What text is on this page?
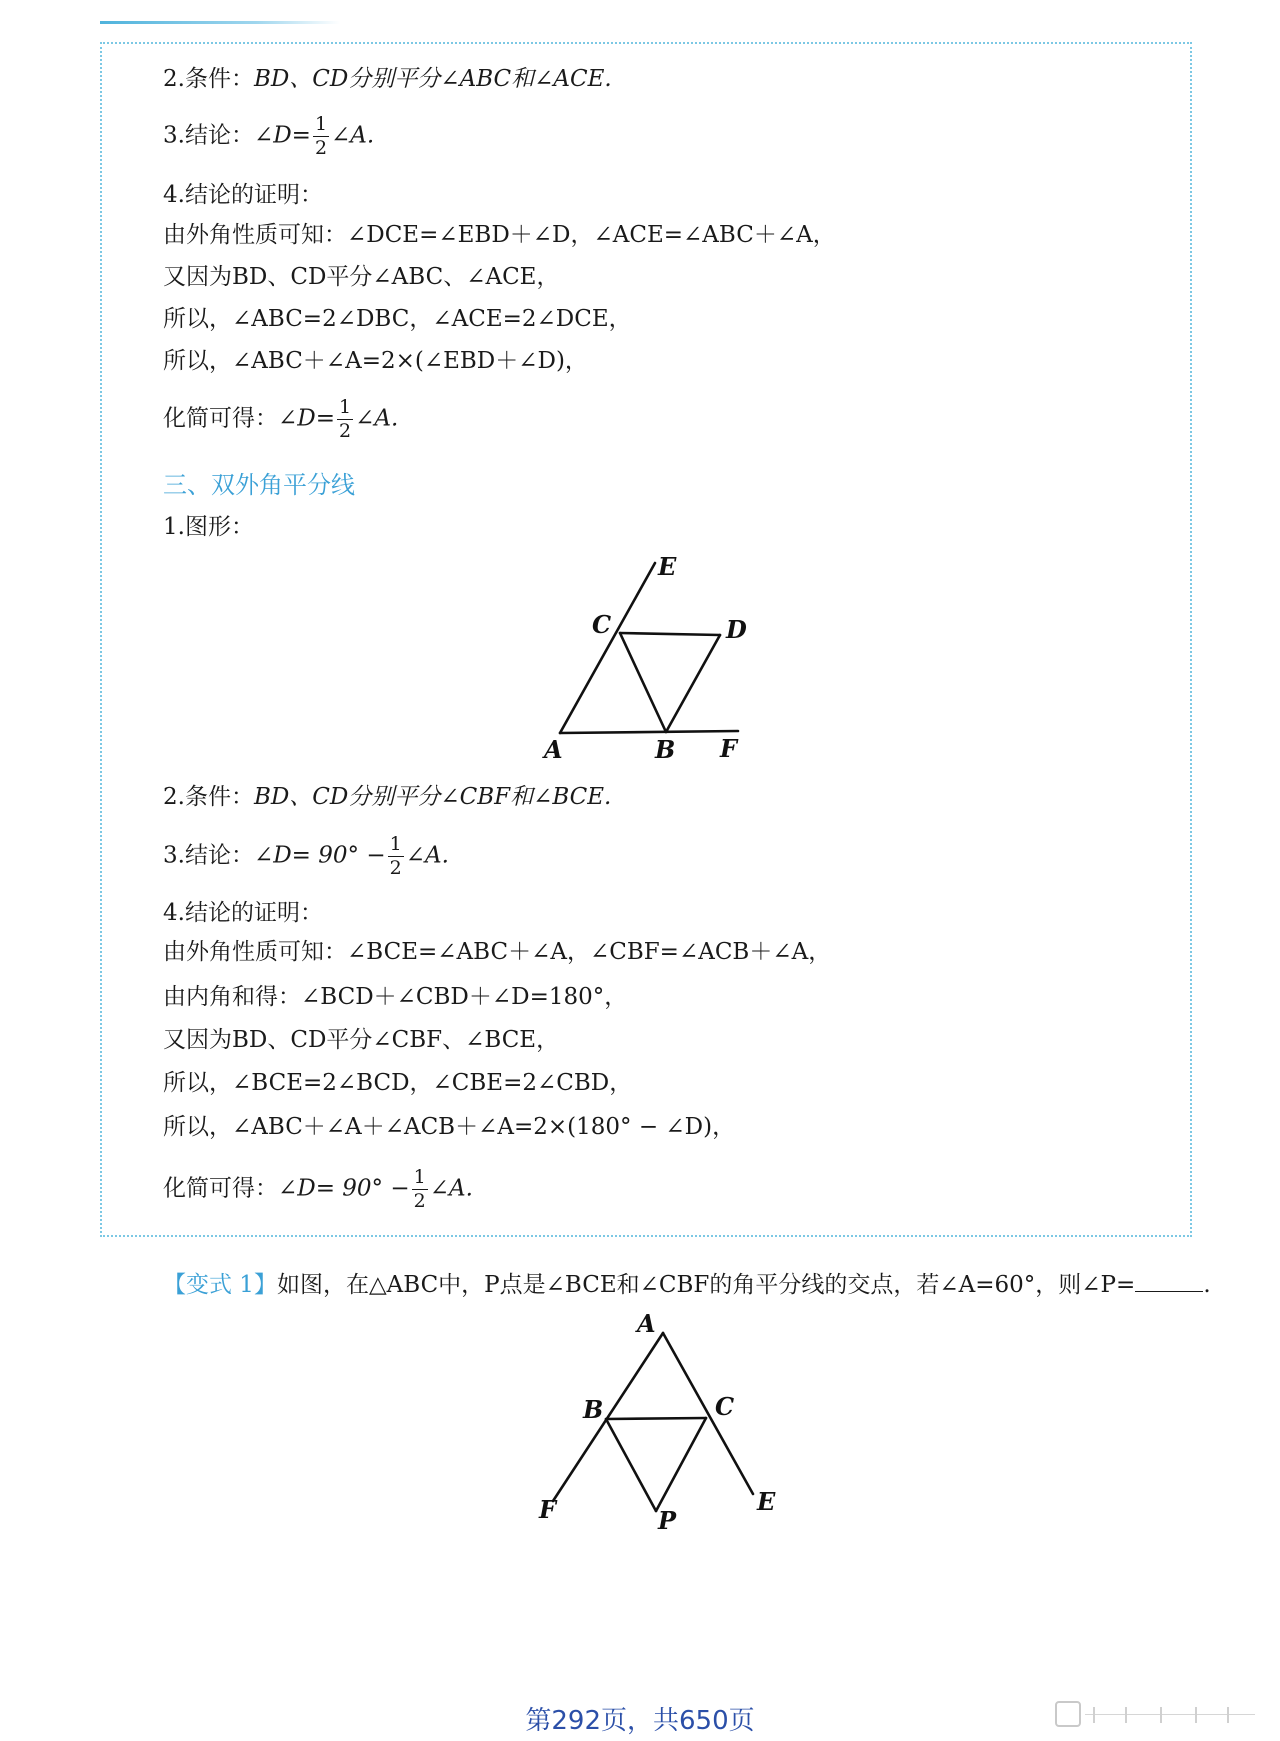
2.条件：BD、CD分别平分∠ABC和∠ACE.
3.结论：∠D= $\frac{1}{2}$ ∠A.
4.结论的证明：
由外角性质可知：∠DCE=∠EBD＋∠D，∠ACE=∠ABC＋∠A，
又因为BD、CD平分∠ABC、∠ACE，
所以，∠ABC=2∠DBC，∠ACE=2∠DCE，
所以，∠ABC＋∠A=2×(∠EBD＋∠D)，
化简可得：∠D= $\frac{1}{2}$ ∠A.
三、双外角平分线
1.图形：
A	B
C	D
E
F
2.条件：BD、CD分别平分∠CBF和∠BCE.
3.结论：∠D= $90^\circ - \frac{1}{2}$ ∠A.
4.结论的证明：
由外角性质可知：∠BCE=∠ABC＋∠A，∠CBF=∠ACB＋∠A，
由内角和得：∠BCD＋∠CBD＋∠D=180°，
又因为BD、CD平分∠CBF、∠BCE，
所以，∠BCE=2∠BCD，∠CBE=2∠CBD，
所以，∠ABC＋∠A＋∠ACB＋∠A=2×(180° − ∠D)，
化简可得：∠D= $90^\circ - \frac{1}{2}$ ∠A.
【变式 1】如图，在△ABC中，P点是∠BCE和∠CBF的角平分线的交点，若∠A=60°，则∠P=	.
A
B	C
E
F	P
第292页，共650页
